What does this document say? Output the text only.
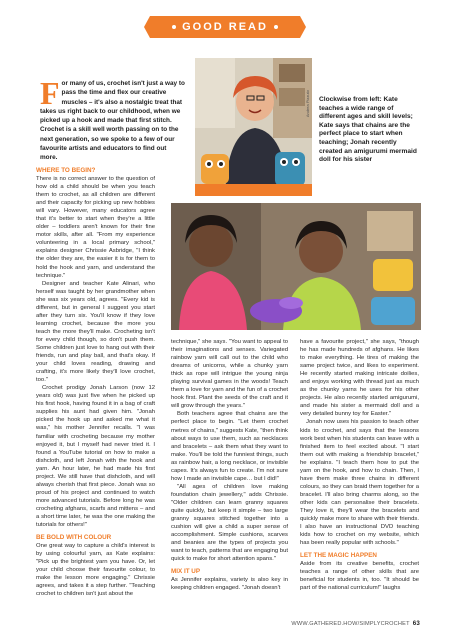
GOOD READ
For many of us, crochet isn't just a way to pass the time and flex our creative muscles – it's also a nostalgic treat that takes us right back to our childhood, when we picked up a hook and made that first stitch. Crochet is a skill well worth passing on to the next generation, so we spoke to a few of our favourite artists and educators to find out more.
Andrea Pizzuto Clockwise from left: Kate teaches a wide range of different ages and skill levels; Kate says that chains are the perfect place to start when teaching; Jonah recently created an amigurumi mermaid doll for his sister
WHERE TO BEGIN?

There is no correct answer to the question of how old a child should be when you teach them to crochet, as all children are different and their capacity for picking up new hobbies will vary. However, many educators agree that it's better to start when they're a little older – toddlers aren't known for their fine motor skills, after all. "From my experience volunteering in a local primary school," explains designer Chrissie Asbridge, "I think the older they are, the easier it is for them to hold the hook and yarn, and understand the technique."

Designer and teacher Kate Alinari, who herself was taught by her grandmother when she was six years old, agrees. "Every kid is different, but in general I suggest you start after they turn six. You'll know if they love learning crochet, because the more you teach the more they'll make. Crocheting isn't for every child though, so don't push them. Some children just love to hang out with their friends, run and play ball, and that's okay. If your child loves reading, drawing and crafting, it's more likely they'll love crochet, too."

Crochet prodigy Jonah Larson (now 12 years old) was just five when he picked up his first hook, having found it in a bag of craft supplies his aunt had given him. "Jonah picked the hook up and asked me what it was," his mother Jennifer recalls. "I was familiar with crocheting because my mother enjoyed it, but I myself had never tried it. I found a YouTube tutorial on how to make a dishcloth, and left Jonah with the hook and yarn. An hour later, he had made his first project. We still have that dishcloth, and will always cherish that first piece. Jonah was so proud of his project and continued to watch more advanced tutorials. Before long he was crocheting afghans, scarfs and mittens – and a short time later, he was the one making the tutorials for others!"

BE BOLD WITH COLOUR

One great way to capture a child's interest is by using colourful yarn, as Kate explains: "Pick up the brightest yarn you have. Or, let your child choose their favourite colour, to make the lesson more engaging." Chrissie agrees, and takes it a step further. "Teaching crochet to children isn't just about the

technique," she says. "You want to appeal to their imaginations and senses. Variegated rainbow yarn will call out to the child who dreams of unicorns, while a chunky yarn thick as rope will intrigue the young ninja playing survival games in the woods! Teach them a love for yarn and the fun of a crochet hook first. Plant the seeds of the craft and it will grow through the years."

Both teachers agree that chains are the perfect place to begin. "Let them crochet metres of chains," suggests Kate, "then think about ways to use them, such as necklaces and bracelets – ask them what they want to make. You'll be told the funniest things, such as rainbow hair, a long necklace, or invisible capes. It's always fun to create. I'm not sure how I made an invisible cape… but I did!"

"All ages of children love making foundation chain jewellery," adds Chrissie. "Older children can learn granny squares quite quickly, but keep it simple – two large granny squares stitched together into a cushion will give a child a super sense of accomplishment. Simple cushions, scarves and beanies are the types of projects you want to teach, patterns that are engaging but quick to make for short attention spans."

MIX IT UP

As Jennifer explains, variety is also key in keeping children engaged. "Jonah doesn't

have a favourite project," she says, "though he has made hundreds of afghans. He likes to make everything. He tires of making the same project twice, and likes to experiment. He recently started making intricate doilies, and enjoys working with thread just as much as the chunky yarns he uses for his other projects. He also recently started amigurumi, and made his sister a mermaid doll and a very detailed bunny toy for Easter."

Jonah now uses his passion to teach other kids to crochet, and says that the lessons work best when his students can leave with a finished item to feel excited about. "I start them out with making a friendship bracelet," he explains. "I teach them how to put the yarn on the hook, and how to chain. Then, I have them make three chains in different colours, so they can braid them together for a bracelet. I'll also bring charms along, so the other kids can personalise their bracelets. They love it, they'll wear the bracelets and quickly make more to share with their friends. I also have an instructional DVD teaching kids how to crochet on my website, which has been really popular with schools."

LET THE MAGIC HAPPEN

Aside from its creative benefits, crochet teaches a range of other skills that are beneficial for students in, too. "It should be part of the national curriculum!" laughs

WWW.GATHERED.HOW/SIMPLYCROCHET 63
